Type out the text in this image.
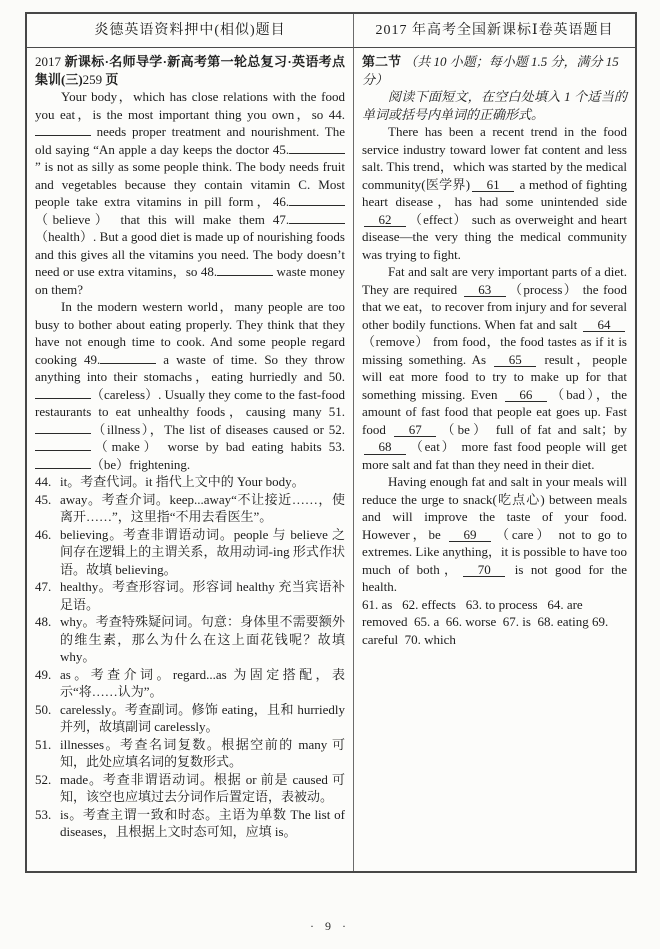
炎德英语资料押中(相似)题目	2017 年高考全国新课标Ⅰ卷英语题目
2017 新课标·名师导学·新高考第一轮总复习·英语考点集训(三)259 页
Your body，which has close relations with the food you eat，is the most important thing you own，so 44. needs proper treatment and nourishment. The old saying “An apple a day keeps the doctor 45.” is not as silly as some people think. The body needs fruit and vegetables because they contain vitamin C. Most people take extra vitamins in pill form，46.（believe） that this will make them 47.（health）. But a good diet is made up of nourishing foods and this gives all the vitamins you need. The body doesn’t need or use extra vitamins，so 48.	waste money on them?
In the modern western world，many people are too busy to bother about eating properly. They think that they have not enough time to cook. And some people regard cooking 49.	a waste of time. So they throw anything into their stomachs，eating hurriedly and 50.（careless）. Usually they come to the fast-food restaurants to eat unhealthy foods，causing many 51.（illness），The list of diseases caused or 52.（make） worse by bad eating habits 53.（be）frightening.
44. it。考查代词。it 指代上文中的 Your body。
45. away。考查介词。keep...away“不让接近……，使离开……”，这里指“不用去看医生”。
46. believing。考查非谓语动词。people 与 believe 之间存在逻辑上的主谓关系，故用动词-ing 形式作状语。故填 believing。
47. healthy。考查形容词。形容词 healthy 充当宾语补足语。
48. why。考查特殊疑问词。句意：身体里不需要额外的维生素，那么为什么在这上面花钱呢？故填 why。
49. as。考查介词。regard...as 为固定搭配，表示“将……认为”。
50. carelessly。考查副词。修饰 eating，且和 hurriedly 并列，故填副词 carelessly。
51. illnesses。考查名词复数。根据空前的 many 可知，此处应填名词的复数形式。
52. made。考查非谓语动词。根据 or 前是 caused 可知，该空也应填过去分词作后置定语，表被动。
53. is。考查主谓一致和时态。主语为单数 The list of diseases，且根据上文时态可知，应填 is。
第二节 （共 10 小题；每小题 1.5 分，满分 15 分）
阅读下面短文，在空白处填入 1 个适当的单词或括号内单词的正确形式。
There has been a recent trend in the food service industry toward lower fat content and less salt. This trend，which was started by the medical community(医学界) 61 a method of fighting heart disease，has had some unintended side 62 （effect） such as overweight and heart disease—the very thing the medical community was trying to fight.
Fat and salt are very important parts of a diet. They are required 63 （process） the food that we eat，to recover from injury and for several other bodily functions. When fat and salt 64（remove） from food，the food tastes as if it is missing something. As 65 result，people will eat more food to try to make up for that something missing. Even 66 （bad），the amount of fast food that people eat goes up. Fast food 67 （be） full of fat and salt；by 68 （eat） more fast food people will get more salt and fat than they need in their diet.
Having enough fat and salt in your meals will reduce the urge to snack(吃点心) between meals and will improve the taste of your food. However，be 69 （care） not to go to extremes. Like anything，it is possible to have too much of both， 70 is not good for the health.
61. as   62. effects   63. to process   64. are removed  65. a  66. worse  67. is  68. eating 69. careful  70. which
· 9 ·
